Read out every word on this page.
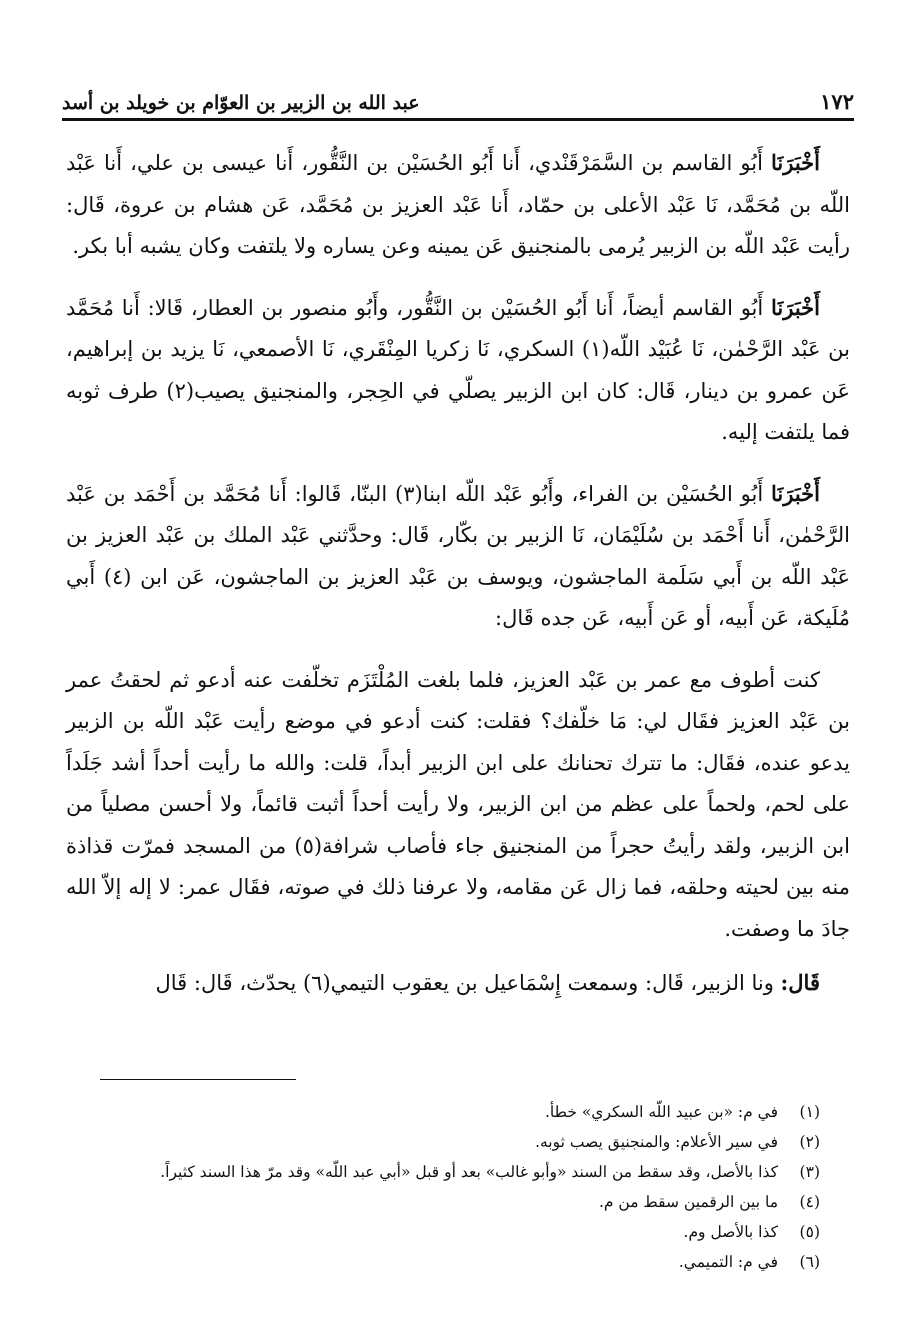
١٧٢
عبد الله بن الزبير بن العوّام بن خويلد بن أسد

أَخْبَرَنَا أَبُو القاسم بن السَّمَرْقَنْدي، أَنا أَبُو الحُسَيْن بن النَّقُّور، أَنا عيسى بن علي، أَنا عَبْد اللّه بن مُحَمَّد، نَا عَبْد الأعلى بن حمّاد، أَنا عَبْد العزيز بن مُحَمَّد، عَن هشام بن عروة، قَال: رأيت عَبْد اللّه بن الزبير يُرمى بالمنجنيق عَن يمينه وعن يساره ولا يلتفت وكان يشبه أبا بكر.

أَخْبَرَنَا أَبُو القاسم أيضاً، أَنا أَبُو الحُسَيْن بن النَّقُّور، وأَبُو منصور بن العطار، قَالا: أَنا مُحَمَّد بن عَبْد الرَّحْمٰن، نَا عُبَيْد اللّه(١) السكري، نَا زكريا المِنْقَري، نَا الأصمعي، نَا يزيد بن إبراهيم، عَن عمرو بن دينار، قَال: كان ابن الزبير يصلّي في الحِجر، والمنجنيق يصيب(٢) طرف ثوبه فما يلتفت إليه.

أَخْبَرَنَا أَبُو الحُسَيْن بن الفراء، وأَبُو عَبْد اللّه ابنا(٣) البنّا، قَالوا: أَنا مُحَمَّد بن أَحْمَد بن عَبْد الرَّحْمٰن، أَنا أَحْمَد بن سُلَيْمَان، نَا الزبير بن بكّار، قَال: وحدَّثني عَبْد الملك بن عَبْد العزيز بن عَبْد اللّه بن أَبي سَلَمة الماجشون، ويوسف بن عَبْد العزيز بن الماجشون، عَن ابن (٤) أَبي مُلَيكة، عَن أَبيه، أو عَن أَبيه، عَن جده قَال:

كنت أطوف مع عمر بن عَبْد العزيز، فلما بلغت المُلْتَزَم تخلّفت عنه أدعو ثم لحقتُ عمر بن عَبْد العزيز فقَال لي: مَا خلّفك؟ فقلت: كنت أدعو في موضع رأيت عَبْد اللّه بن الزبير يدعو عنده، فقَال: ما تترك تحنانك على ابن الزبير أبداً، قلت: والله ما رأيت أحداً أشد جَلَداً على لحم، ولحماً على عظم من ابن الزبير، ولا رأيت أحداً أثبت قائماً، ولا أحسن مصلياً من ابن الزبير، ولقد رأيتُ حجراً من المنجنيق جاء فأصاب شرافة(٥) من المسجد فمرّت قذاذة منه بين لحيته وحلقه، فما زال عَن مقامه، ولا عرفنا ذلك في صوته، فقَال عمر: لا إله إلاّ الله جادَ ما وصفت.

قَال: ونا الزبير، قَال: وسمعت إِسْمَاعيل بن يعقوب التيمي(٦) يحدّث، قَال: قَال

(١)
في م: «بن عبيد اللّه السكري» خطأ.
(٢)
في سير الأعلام: والمنجنيق يصب ثوبه.
(٣)
كذا بالأصل، وقد سقط من السند «وأبو غالب» بعد أو قبل «أبي عبد اللّه» وقد مرّ هذا السند كثيراً.
(٤)
ما بين الرقمين سقط من م.
(٥)
كذا بالأصل وم.
(٦)
في م: التميمي.
